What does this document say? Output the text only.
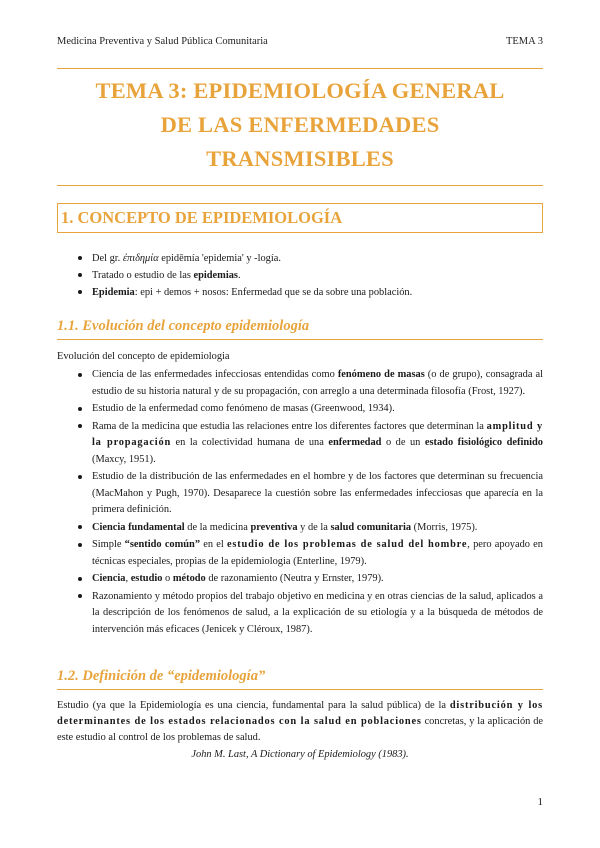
Medicina Preventiva y Salud Pública Comunitaria	TEMA 3
TEMA 3: EPIDEMIOLOGÍA GENERAL
DE LAS ENFERMEDADES
TRANSMISIBLES
1. CONCEPTO DE EPIDEMIOLOGÍA
Del gr. ἐπιδημία epidēmía 'epidemia' y -logía.
Tratado o estudio de las epidemias.
Epidemia: epi + demos + nosos: Enfermedad que se da sobre una población.
1.1. Evolución del concepto epidemiología
Evolución del concepto de epidemiologia
Ciencia de las enfermedades infecciosas entendidas como fenómeno de masas (o de grupo), consagrada al estudio de su historia natural y de su propagación, con arreglo a una determinada filosofía (Frost, 1927).
Estudio de la enfermedad como fenómeno de masas (Greenwood, 1934).
Rama de la medicina que estudia las relaciones entre los diferentes factores que determinan la amplitud y la propagación en la colectividad humana de una enfermedad o de un estado fisiológico definido (Maxcy, 1951).
Estudio de la distribución de las enfermedades en el hombre y de los factores que determinan su frecuencia (MacMahon y Pugh, 1970). Desaparece la cuestión sobre las enfermedades infecciosas que aparecía en la primera definición.
Ciencia fundamental de la medicina preventiva y de la salud comunitaria (Morris, 1975).
Simple “sentido común” en el estudio de los problemas de salud del hombre, pero apoyado en técnicas especiales, propias de la epidemiologia (Enterline, 1979).
Ciencia, estudio o método de razonamiento (Neutra y Ernster, 1979).
Razonamiento y método propios del trabajo objetivo en medicina y en otras ciencias de la salud, aplicados a la descripción de los fenómenos de salud, a la explicación de su etiología y a la búsqueda de métodos de intervención más eficaces (Jenicek y Cléroux, 1987).
1.2. Definición de “epidemiología”
Estudio (ya que la Epidemiología es una ciencia, fundamental para la salud pública) de la distribución y los determinantes de los estados relacionados con la salud en poblaciones concretas, y la aplicación de este estudio al control de los problemas de salud.
John M. Last, A Dictionary of Epidemiology (1983).
1
